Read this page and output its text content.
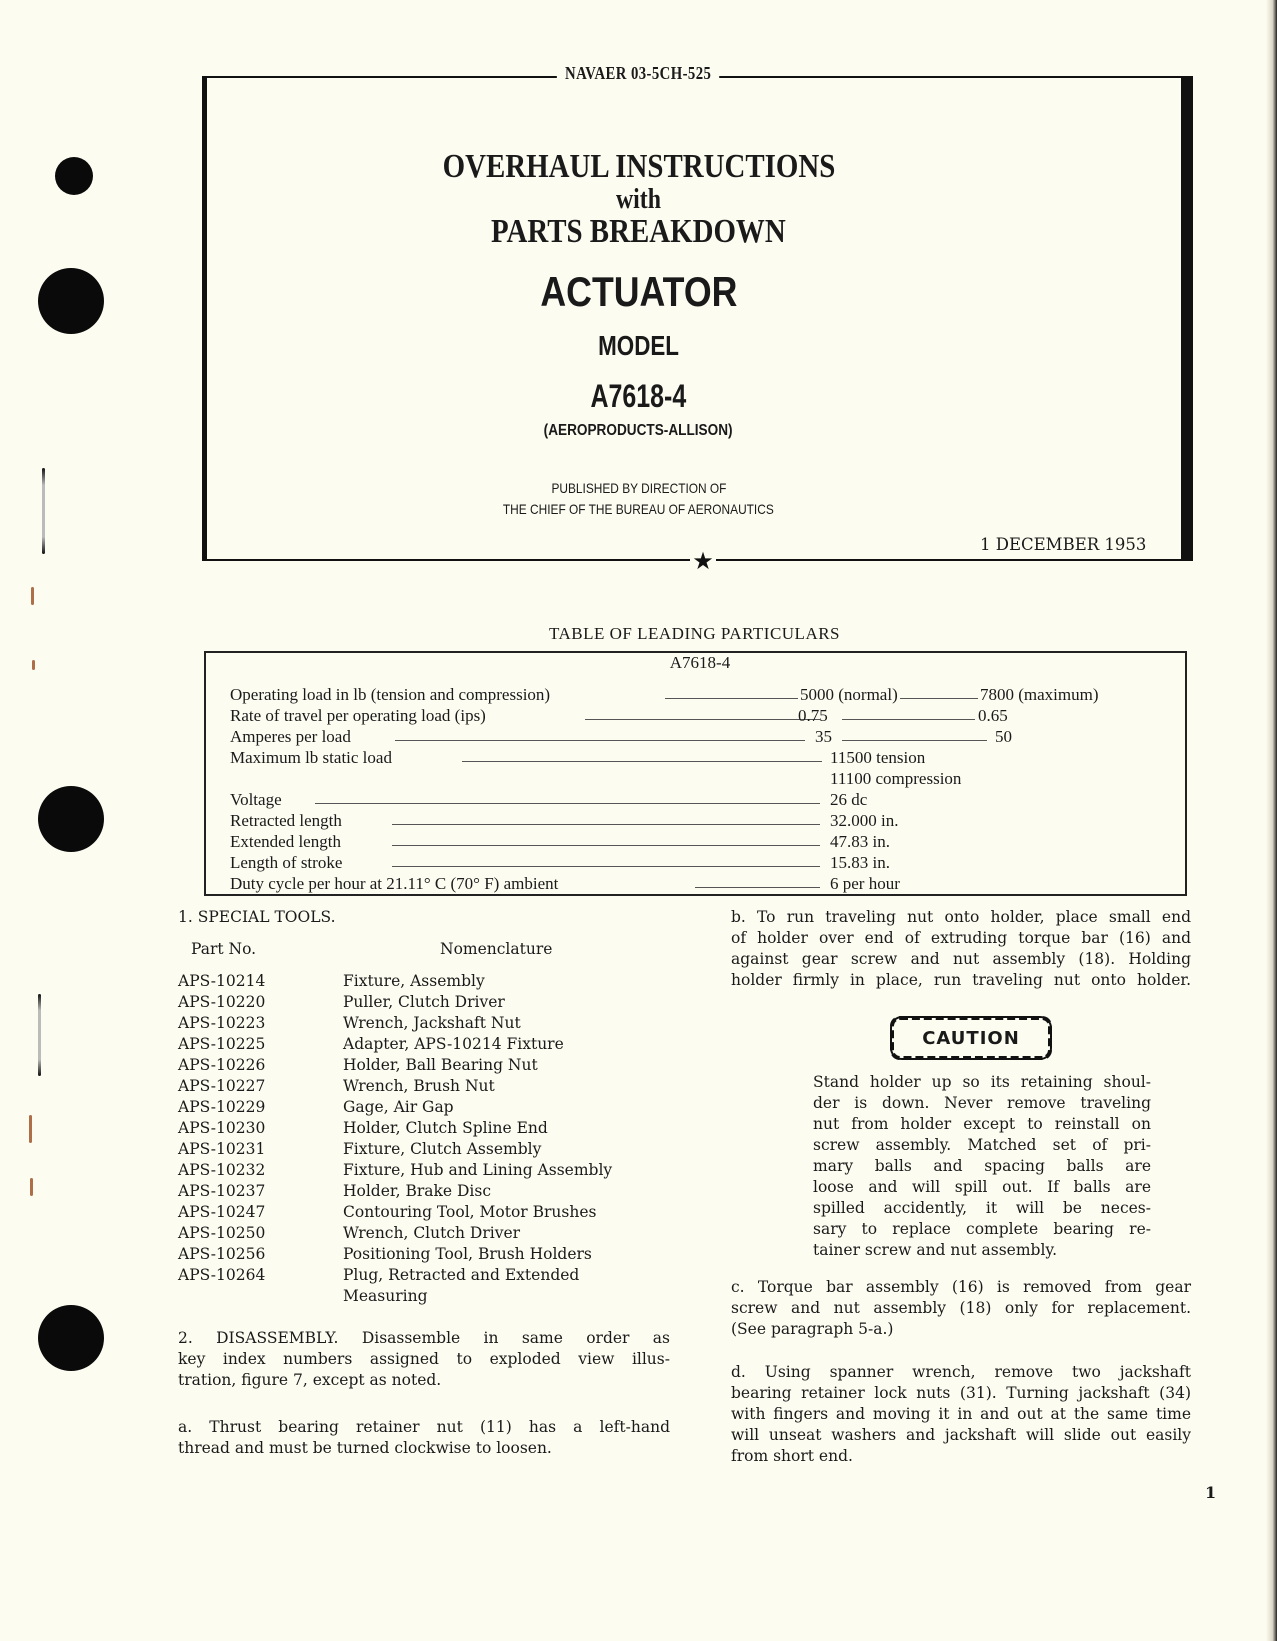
NAVAER 03-5CH-525
OVERHAUL INSTRUCTIONS
with
PARTS BREAKDOWN
ACTUATOR
MODEL
A7618-4
(AEROPRODUCTS-ALLISON)
PUBLISHED BY DIRECTION OF
THE CHIEF OF THE BUREAU OF AERONAUTICS
1 DECEMBER 1953
★
TABLE OF LEADING PARTICULARS
A7618-4
Operating load in lb (tension and compression)	5000 (normal)	7800 (maximum)
Rate of travel per operating load (ips)	0.75	0.65
Amperes per load	35	50
Maximum lb static load	11500 tension
11100 compression
Voltage	26 dc
Retracted length	32.000 in.
Extended length	47.83 in.
Length of stroke	15.83 in.
Duty cycle per hour at 21.11° C (70° F) ambient	6 per hour
1. SPECIAL TOOLS.
Part No.	Nomenclature
APS-10214	Fixture, Assembly
APS-10220	Puller, Clutch Driver
APS-10223	Wrench, Jackshaft Nut
APS-10225	Adapter, APS-10214 Fixture
APS-10226	Holder, Ball Bearing Nut
APS-10227	Wrench, Brush Nut
APS-10229	Gage, Air Gap
APS-10230	Holder, Clutch Spline End
APS-10231	Fixture, Clutch Assembly
APS-10232	Fixture, Hub and Lining Assembly
APS-10237	Holder, Brake Disc
APS-10247	Contouring Tool, Motor Brushes
APS-10250	Wrench, Clutch Driver
APS-10256	Positioning Tool, Brush Holders
APS-10264	Plug, Retracted and Extended
Measuring
2. DISASSEMBLY. Disassemble in same order as
key index numbers assigned to exploded view illus-
tration, figure 7, except as noted.
a. Thrust bearing retainer nut (11) has a left-hand
thread and must be turned clockwise to loosen.
b. To run traveling nut onto holder, place small end
of holder over end of extruding torque bar (16) and
against gear screw and nut assembly (18). Holding
holder firmly in place, run traveling nut onto holder.
CAUTION
Stand holder up so its retaining shoul-
der is down. Never remove traveling
nut from holder except to reinstall on
screw assembly. Matched set of pri-
mary balls and spacing balls are
loose and will spill out. If balls are
spilled accidently, it will be neces-
sary to replace complete bearing re-
tainer screw and nut assembly.
c. Torque bar assembly (16) is removed from gear
screw and nut assembly (18) only for replacement.
(See paragraph 5-a.)
d. Using spanner wrench, remove two jackshaft
bearing retainer lock nuts (31). Turning jackshaft (34)
with fingers and moving it in and out at the same time
will unseat washers and jackshaft will slide out easily
from short end.
1
